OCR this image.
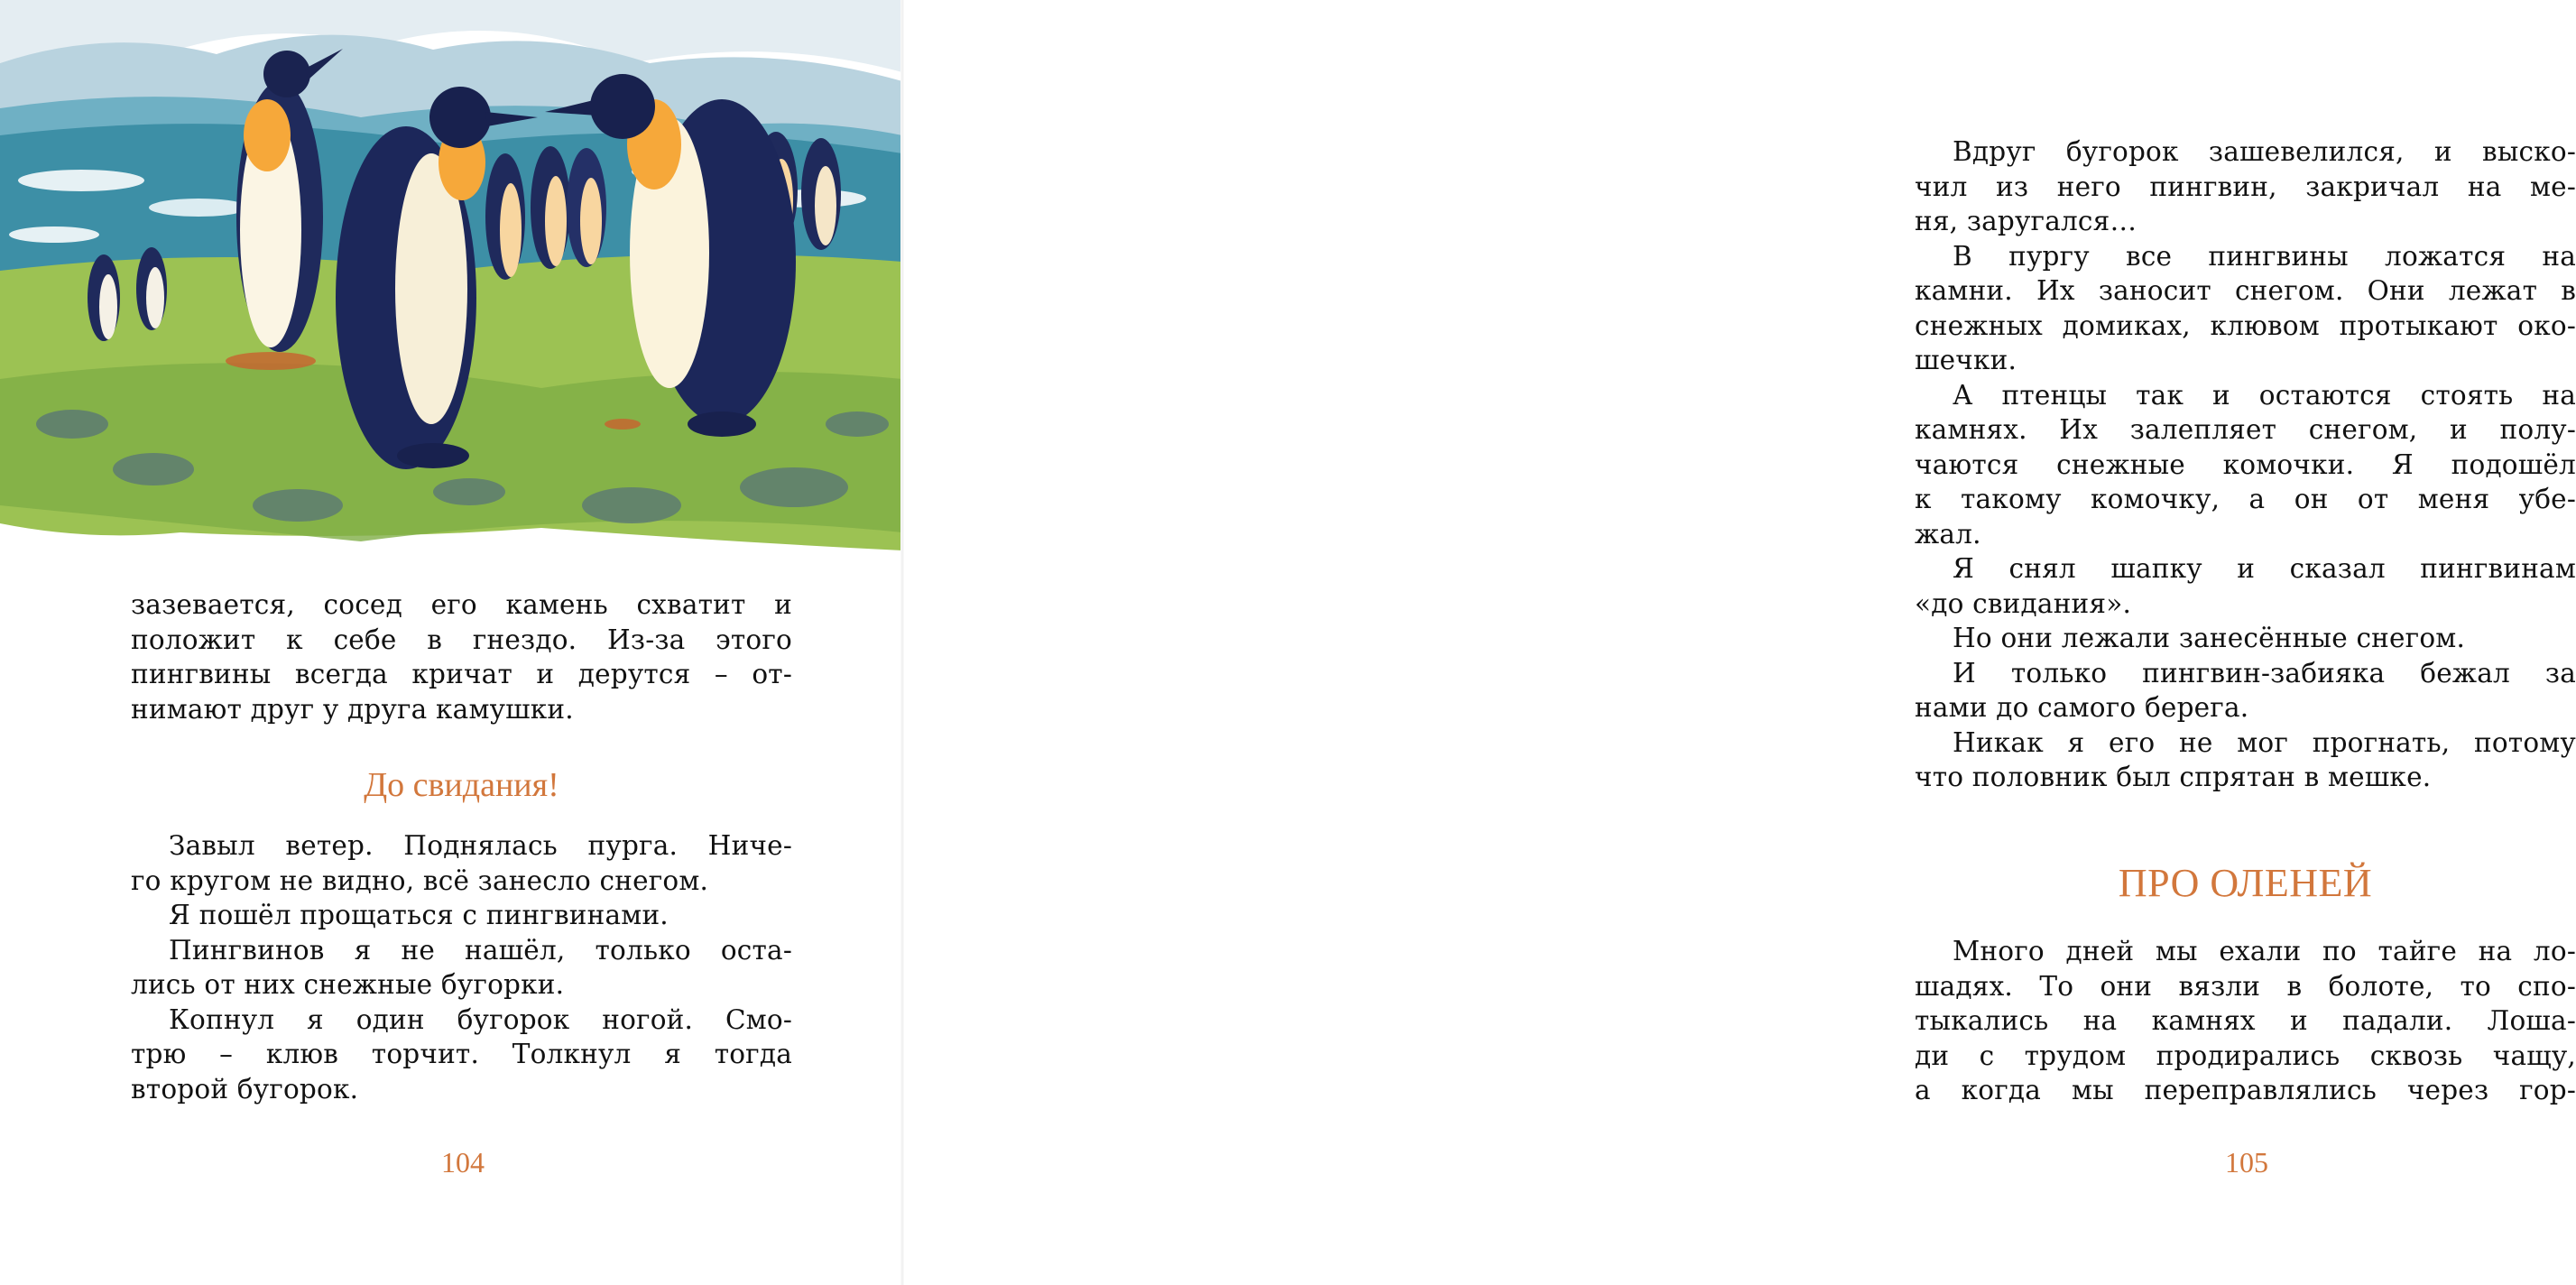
зазевается, сосед его камень схватит и
положит к себе в гнездо. Из-за этого
пингвины всегда кричат и дерутся – от-
нимают друг у друга камушки.
До свидания!
Завыл ветер. Поднялась пурга. Ниче-
го кругом не видно, всё занесло снегом.
Я пошёл прощаться с пингвинами.
Пингвинов я не нашёл, только оста-
лись от них снежные бугорки.
Копнул я один бугорок ногой. Смо-
трю – клюв торчит. Толкнул я тогда
второй бугорок.
104
Вдруг бугорок зашевелился, и выско-
чил из него пингвин, закричал на ме-
ня, заругался…
В пургу все пингвины ложатся на
камни. Их заносит снегом. Они лежат в
снежных домиках, клювом протыкают око-
шечки.
А птенцы так и остаются стоять на
камнях. Их залепляет снегом, и полу-
чаются снежные комочки. Я подошёл
к такому комочку, а он от меня убе-
жал.
Я снял шапку и сказал пингвинам
«до свидания».
Но они лежали занесённые снегом.
И только пингвин-забияка бежал за
нами до самого берега.
Никак я его не мог прогнать, потому
что половник был спрятан в мешке.
ПРО ОЛЕНЕЙ
Много дней мы ехали по тайге на ло-
шадях. То они вязли в болоте, то спо-
тыкались на камнях и падали. Лоша-
ди с трудом продирались сквозь чащу,
а когда мы переправлялись через гор-
105
